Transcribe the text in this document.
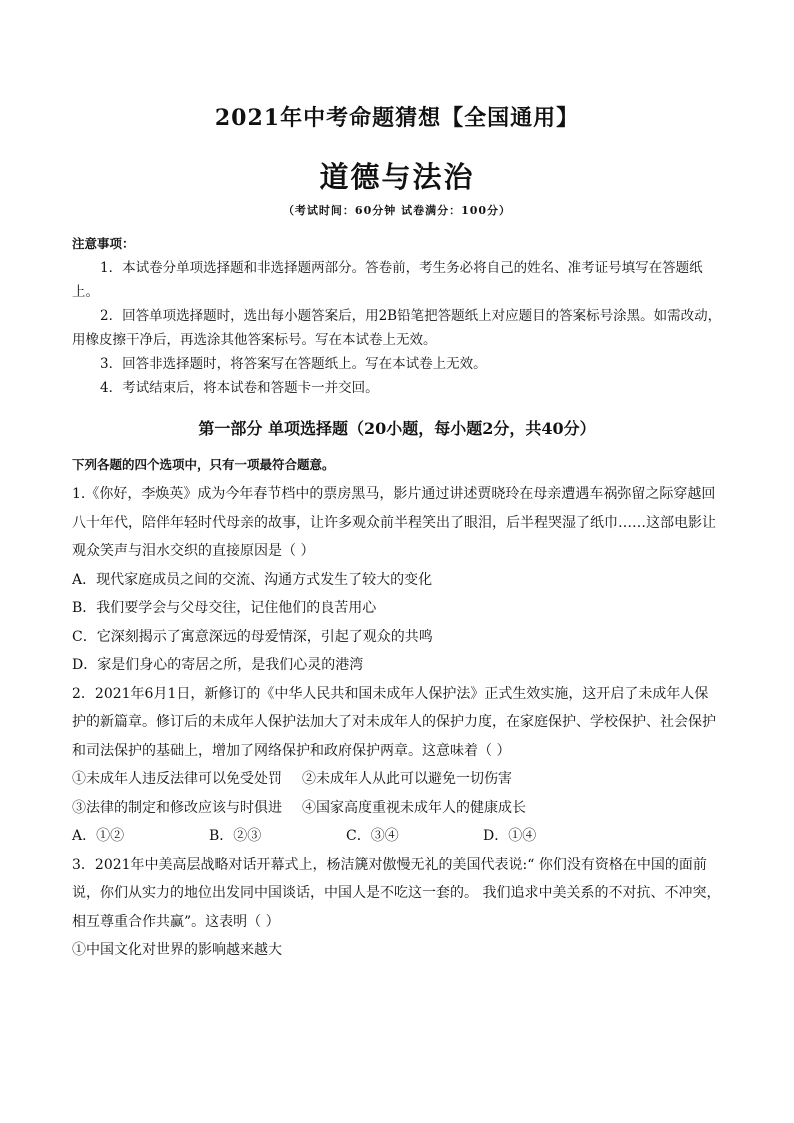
2021年中考命题猜想【全国通用】
道德与法治
（考试时间：60分钟 试卷满分：100分）
注意事项：

1．本试卷分单项选择题和非选择题两部分。答卷前，考生务必将自己的姓名、准考证号填写在答题纸上。

2．回答单项选择题时，选出每小题答案后，用2B铅笔把答题纸上对应题目的答案标号涂黑。如需改动，用橡皮擦干净后，再选涂其他答案标号。写在本试卷上无效。

3．回答非选择题时，将答案写在答题纸上。写在本试卷上无效。

4．考试结束后，将本试卷和答题卡一并交回。

第一部分 单项选择题（20小题，每小题2分，共40分）
下列各题的四个选项中，只有一项最符合题意。

1.《你好，李焕英》成为今年春节档中的票房黑马，影片通过讲述贾晓玲在母亲遭遇车祸弥留之际穿越回八十年代，陪伴年轻时代母亲的故事，让许多观众前半程笑出了眼泪，后半程哭湿了纸巾……这部电影让观众笑声与泪水交织的直接原因是（ ）

A．现代家庭成员之间的交流、沟通方式发生了较大的变化

B．我们要学会与父母交往，记住他们的良苦用心

C．它深刻揭示了寓意深远的母爱情深，引起了观众的共鸣

D．家是们身心的寄居之所，是我们心灵的港湾

2．2021年6月1日，新修订的《中华人民共和国未成年人保护法》正式生效实施，这开启了未成年人保护的新篇章。修订后的未成年人保护法加大了对未成年人的保护力度，在家庭保护、学校保护、社会保护和司法保护的基础上，增加了网络保护和政府保护两章。这意味着（ ）

①未成年人违反法律可以免受处罚	②未成年人从此可以避免一切伤害
③法律的制定和修改应该与时俱进	④国家高度重视未成年人的健康成长
A．①②	B．②③	C．③④	D．①④

3．2021年中美高层战略对话开幕式上，杨洁篪对傲慢无礼的美国代表说:“ 你们没有资格在中国的面前说，你们从实力的地位出发同中国谈话，中国人是不吃这一套的。 我们追求中美关系的不对抗、不冲突，相互尊重合作共赢”。这表明（ ）

①中国文化对世界的影响越来越大
